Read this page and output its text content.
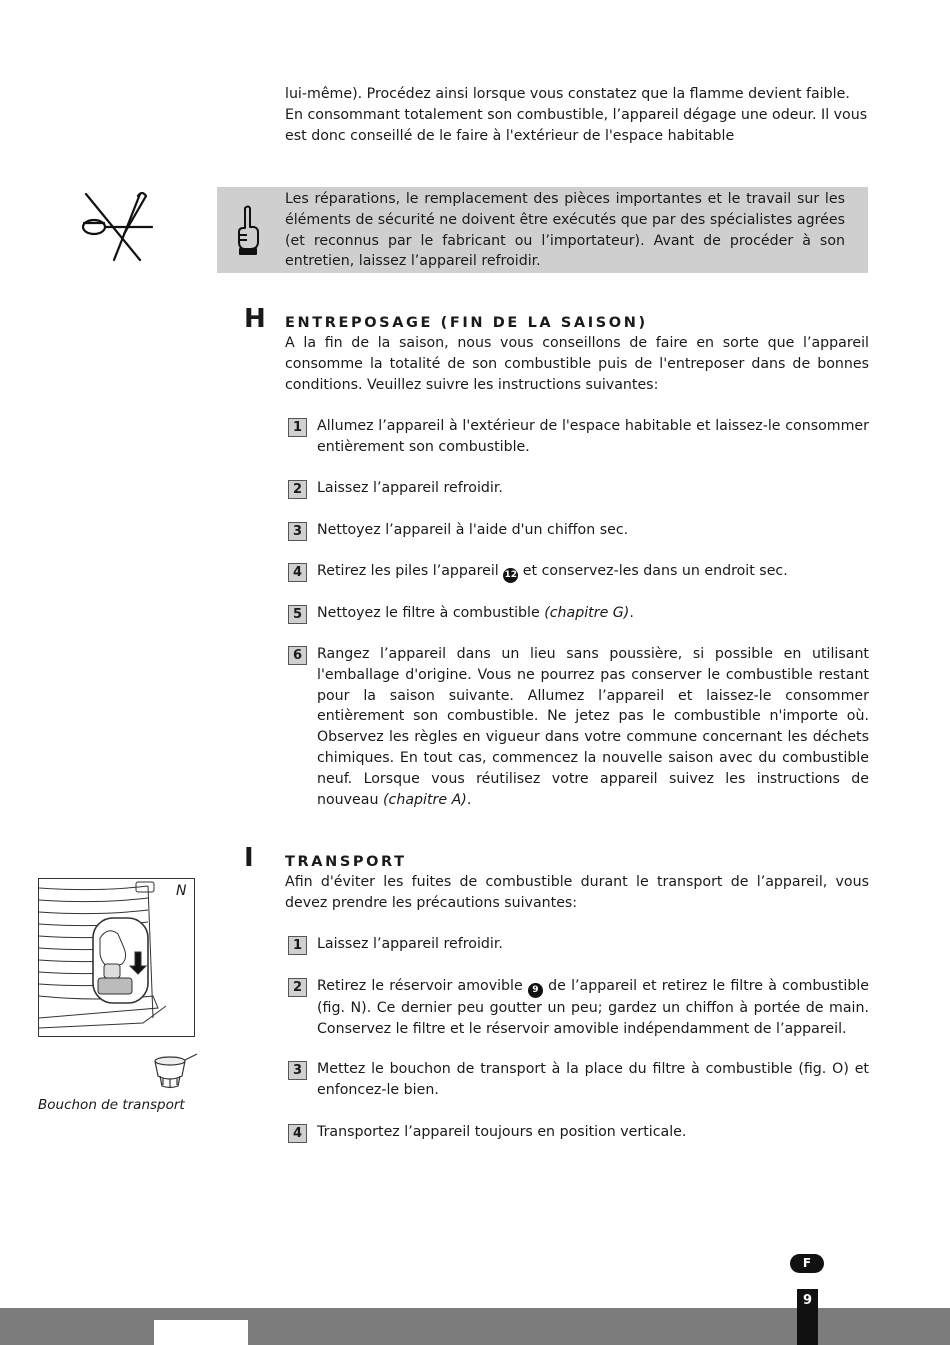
lui-même). Procédez ainsi lorsque vous constatez que la flamme devient faible. En consommant totalement son combustible, l’appareil dégage une odeur. Il vous est donc conseillé de le faire à l'extérieur de l'espace habitable

Les réparations, le remplacement des pièces importantes et le travail sur les éléments de sécurité ne doivent être exécutés que par des spécialistes agrées (et reconnus par le fabricant ou l’importateur). Avant de procéder à son entretien, laissez l’appareil refroidir.

H ENTREPOSAGE (FIN DE LA SAISON)

A la fin de la saison, nous vous conseillons de faire en sorte que l’appareil consomme la totalité de son combustible puis de l'entreposer dans de bonnes conditions. Veuillez suivre les instructions suivantes:

1	Allumez l’appareil à l'extérieur de l'espace habitable et laissez-le consommer entièrement son combustible.
2	Laissez l’appareil refroidir.
3	Nettoyez l’appareil à l'aide d'un chiffon sec.
4	Retirez les piles l’appareil 12 et conservez-les dans un endroit sec.
5	Nettoyez le filtre à combustible (chapitre G).
6	Rangez l’appareil dans un lieu sans poussière, si possible en utilisant l'emballage d'origine. Vous ne pourrez pas conserver le combustible restant pour la saison suivante. Allumez l’appareil et laissez-le consommer entièrement son combustible. Ne jetez pas le combustible n'importe où. Observez les règles en vigueur dans votre commune concernant les déchets chimiques. En tout cas, commencez la nouvelle saison avec du combustible neuf. Lorsque vous réutilisez votre appareil suivez les instructions de nouveau (chapitre A).
I TRANSPORT

Afin d'éviter les fuites de combustible durant le transport de l’appareil, vous devez prendre les précautions suivantes:

1	Laissez l’appareil refroidir.
2	Retirez le réservoir amovible 9 de l’appareil et retirez le filtre à combustible (fig. N). Ce dernier peu goutter un peu; gardez un chiffon à portée de main. Conservez le filtre et le réservoir amovible indépendamment de l’appareil.
3	Mettez le bouchon de transport à la place du filtre à combustible (fig. O) et enfoncez-le bien.
4	Transportez l’appareil toujours en position verticale.
N
Bouchon de transport
F
9
